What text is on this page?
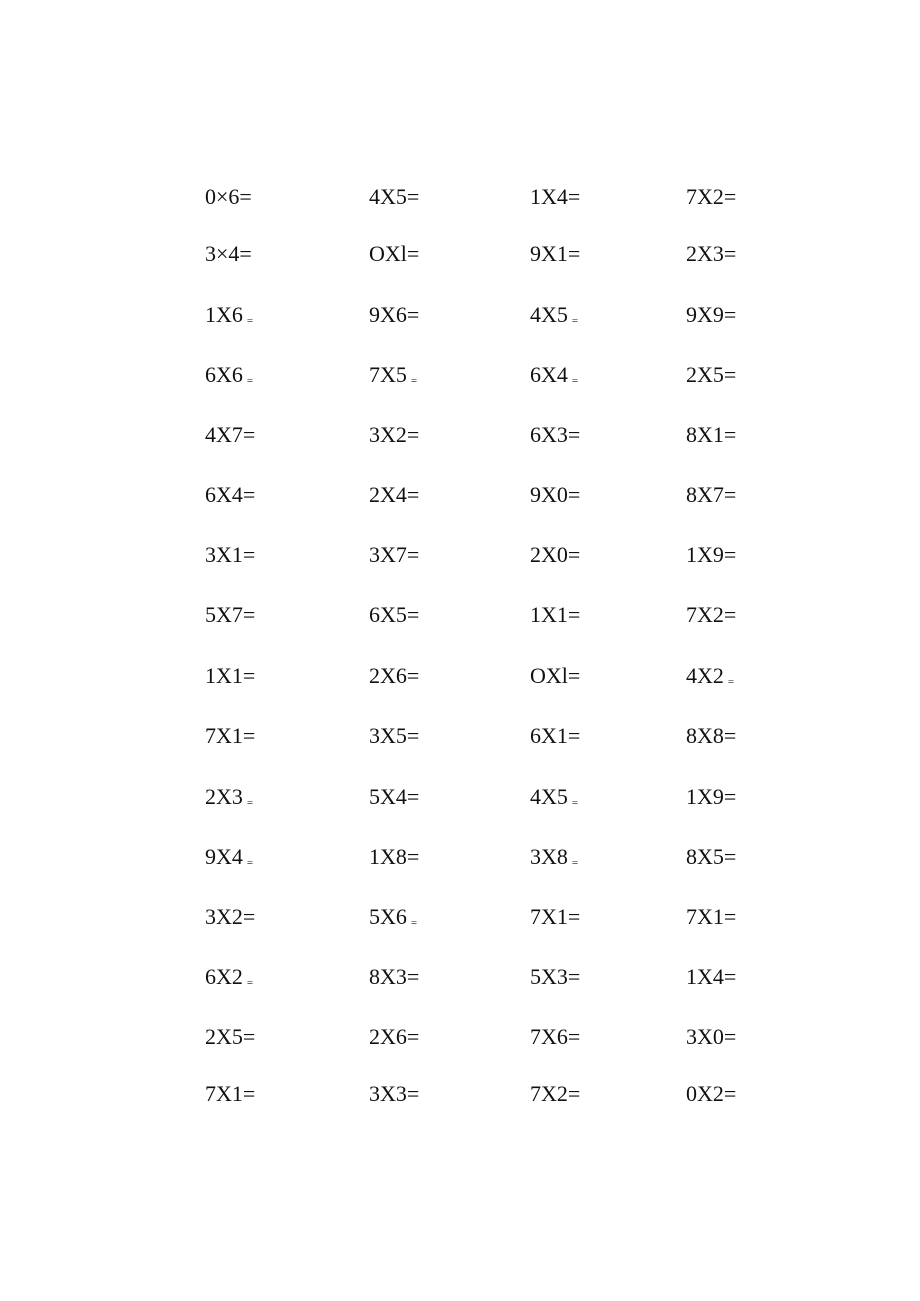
0×6=	4X5=	1X4=	7X2=
3×4=	OXl=	9X1=	2X3=
1X6 =	9X6=	4X5 =	9X9=
6X6 =	7X5 =	6X4 =	2X5=
4X7=	3X2=	6X3=	8X1=
6X4=	2X4=	9X0=	8X7=
3X1=	3X7=	2X0=	1X9=
5X7=	6X5=	1X1=	7X2=
1X1=	2X6=	OXl=	4X2 =
7X1=	3X5=	6X1=	8X8=
2X3 =	5X4=	4X5 =	1X9=
9X4 =	1X8=	3X8 =	8X5=
3X2=	5X6 =	7X1=	7X1=
6X2 =	8X3=	5X3=	1X4=
2X5=	2X6=	7X6=	3X0=
7X1=	3X3=	7X2=	0X2=
